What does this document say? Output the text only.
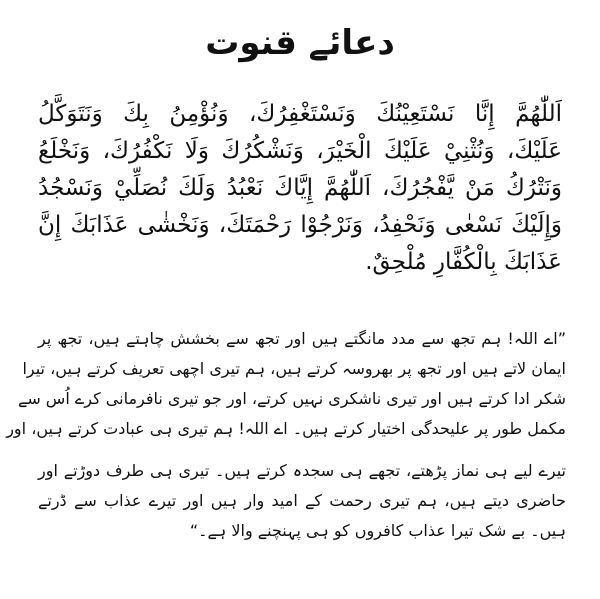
دعائے قنوت
اَللّٰهُمَّ إِنَّا نَسْتَعِيْنُكَ وَنَسْتَغْفِرُكَ، وَنُؤْمِنُ بِكَ وَنَتَوَكَّلُ
عَلَيْكَ، وَنُثْنِيْ عَلَيْكَ الْخَيْرَ، وَنَشْكُرُكَ وَلَا نَكْفُرُكَ، وَنَخْلَعُ
وَنَتْرُكُ مَنْ يَّفْجُرُكَ، اَللّٰهُمَّ إِيَّاكَ نَعْبُدُ وَلَكَ نُصَلِّيْ وَنَسْجُدُ
وَإِلَيْكَ نَسْعٰى وَنَحْفِدُ، وَنَرْجُوْا رَحْمَتَكَ، وَنَخْشٰى عَذَابَكَ إِنَّ
عَذَابَكَ بِالْكُفَّارِ مُلْحِقٌ.
”اے اللہ! ہم تجھ سے مدد مانگتے ہیں اور تجھ سے بخشش چاہتے ہیں، تجھ پر
ایمان لاتے ہیں اور تجھ پر بھروسہ کرتے ہیں، ہم تیری اچھی تعریف کرتے ہیں، تیرا
شکر ادا کرتے ہیں اور تیری ناشکری نہیں کرتے، اور جو تیری نافرمانی کرے اُس سے
مکمل طور پر علیحدگی اختیار کرتے ہیں۔ اے اللہ! ہم تیری ہی عبادت کرتے ہیں، اور
تیرے لیے ہی نماز پڑھتے، تجھے ہی سجدہ کرتے ہیں۔ تیری ہی طرف دوڑتے اور
حاضری دیتے ہیں، ہم تیری رحمت کے امید وار ہیں اور تیرے عذاب سے ڈرتے
ہیں۔ بے شک تیرا عذاب کافروں کو ہی پہنچنے والا ہے۔“
